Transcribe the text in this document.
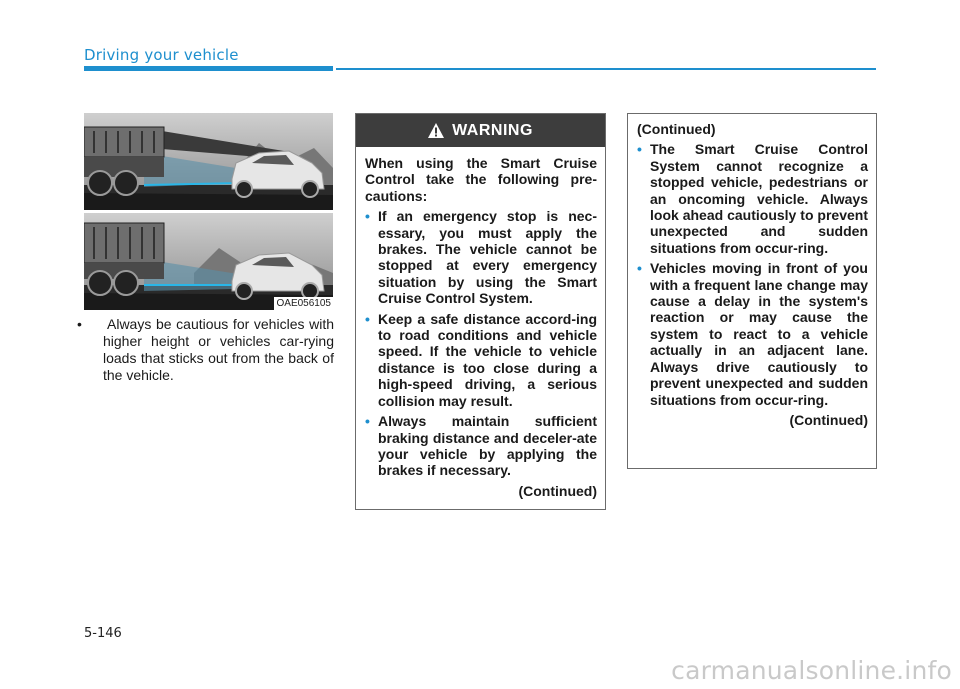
Driving your vehicle
OAE056105

• Always be cautious for vehicles with higher height or vehicles car-rying loads that sticks out from the back of the vehicle.

WARNING

When using the Smart Cruise Control take the following pre-cautions:

• If an emergency stop is nec-essary, you must apply the brakes. The vehicle cannot be stopped at every emergency situation by using the Smart Cruise Control System.
• Keep a safe distance accord-ing to road conditions and vehicle speed. If the vehicle to vehicle distance is too close during a high-speed driving, a serious collision may result.
• Always maintain sufficient braking distance and deceler-ate your vehicle by applying the brakes if necessary.
(Continued)

(Continued)

• The Smart Cruise Control System cannot recognize a stopped vehicle, pedestrians or an oncoming vehicle. Always look ahead cautiously to prevent unexpected and sudden situations from occur-ring.
• Vehicles moving in front of you with a frequent lane change may cause a delay in the system's reaction or may cause the system to react to a vehicle actually in an adjacent lane. Always drive cautiously to prevent unexpected and sudden situations from occur-ring.
(Continued)
5-146
carmanualsonline.info
